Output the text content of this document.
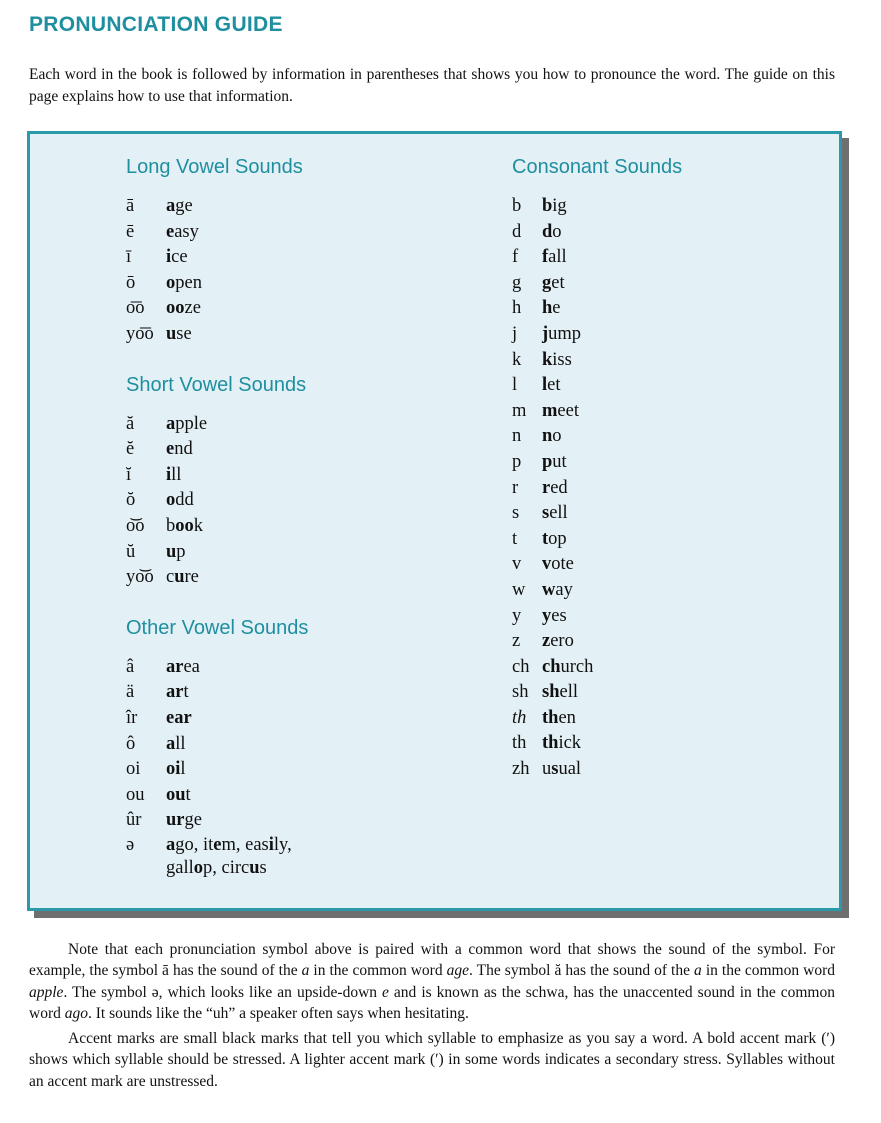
PRONUNCIATION GUIDE
Each word in the book is followed by information in parentheses that shows you how to pronounce the word. The guide on this page explains how to use that information.
Long Vowel Sounds
ā	age
ē	easy
ī	ice
ō	open
o͞o	ooze
yo͞o use
Short Vowel Sounds
ă	apple
ĕ	end
ĭ	ill
ŏ	odd
o͝o	book
ŭ	up
yo͝o cure
Other Vowel Sounds
â	area
ä	art
îr	ear
ô	all
oi	oil
ou	out
ûr	urge
ə	ago, item, easily,
gallop, circus
Consonant Sounds
b	big
d	do
f	fall
g	get
h	he
j	jump
k	kiss
l	let
m meet
n	no
p	put
r	red
s	sell
t	top
v	vote
w way
y	yes
z	zero
ch church
sh shell
th then
th thick
zh usual

Note that each pronunciation symbol above is paired with a common word that shows the sound of the symbol. For example, the symbol ā has the sound of the a in the common word age. The symbol ă has the sound of the a in the common word apple. The symbol ə, which looks like an upside-down e and is known as the schwa, has the unaccented sound in the common word ago. It sounds like the “uh” a speaker often says when hesitating.

Accent marks are small black marks that tell you which syllable to emphasize as you say a word. A bold accent mark (ʹ) shows which syllable should be stressed. A lighter accent mark (ʹ) in some words indicates a secondary stress. Syllables without an accent mark are unstressed.
